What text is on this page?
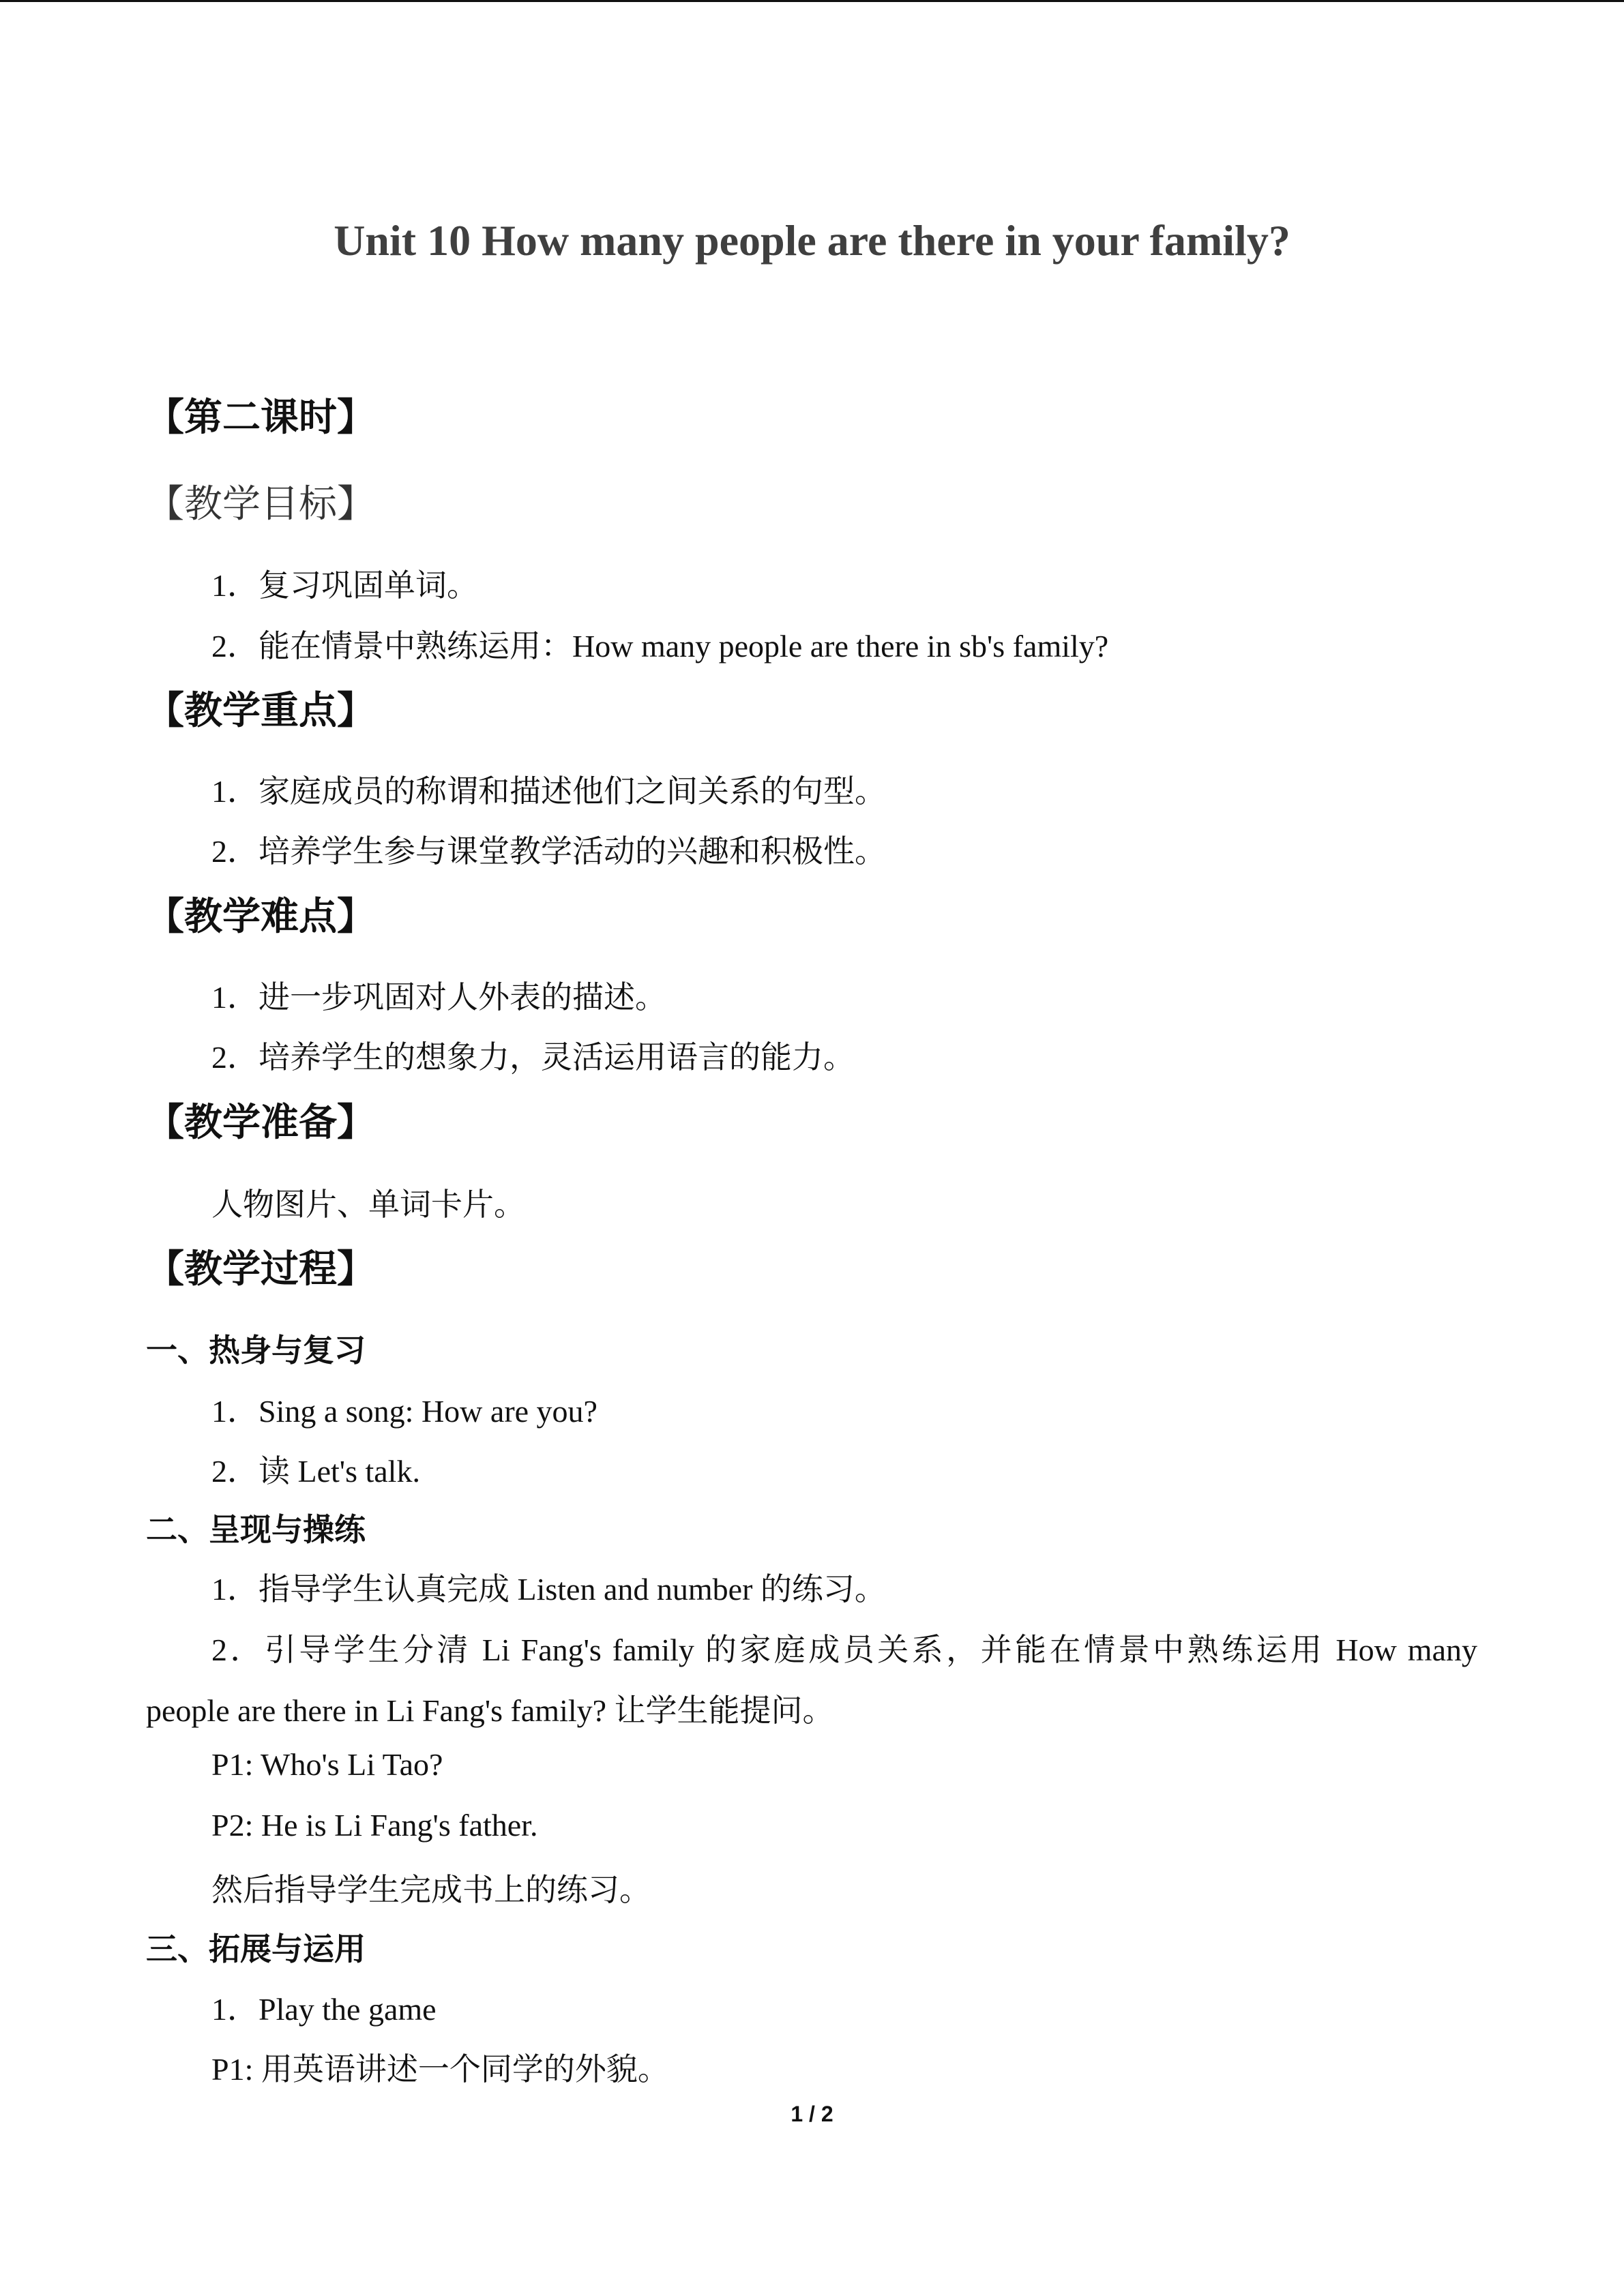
Unit 10 How many people are there in your family?
【第二课时】
【教学目标】
1．复习巩固单词。
2．能在情景中熟练运用：How many people are there in sb's family?
【教学重点】
1．家庭成员的称谓和描述他们之间关系的句型。
2．培养学生参与课堂教学活动的兴趣和积极性。
【教学难点】
1．进一步巩固对人外表的描述。
2．培养学生的想象力，灵活运用语言的能力。
【教学准备】
人物图片、单词卡片。
【教学过程】
一、热身与复习
1．Sing a song: How are you?
2．读 Let's talk.
二、呈现与操练
1．指导学生认真完成 Listen and number 的练习。
2．引导学生分清 Li Fang's family 的家庭成员关系，并能在情景中熟练运用 How many
people are there in Li Fang's family? 让学生能提问。
P1: Who's Li Tao?
P2: He is Li Fang's father.
然后指导学生完成书上的练习。
三、拓展与运用
1．Play the game
P1: 用英语讲述一个同学的外貌。
1 / 2
